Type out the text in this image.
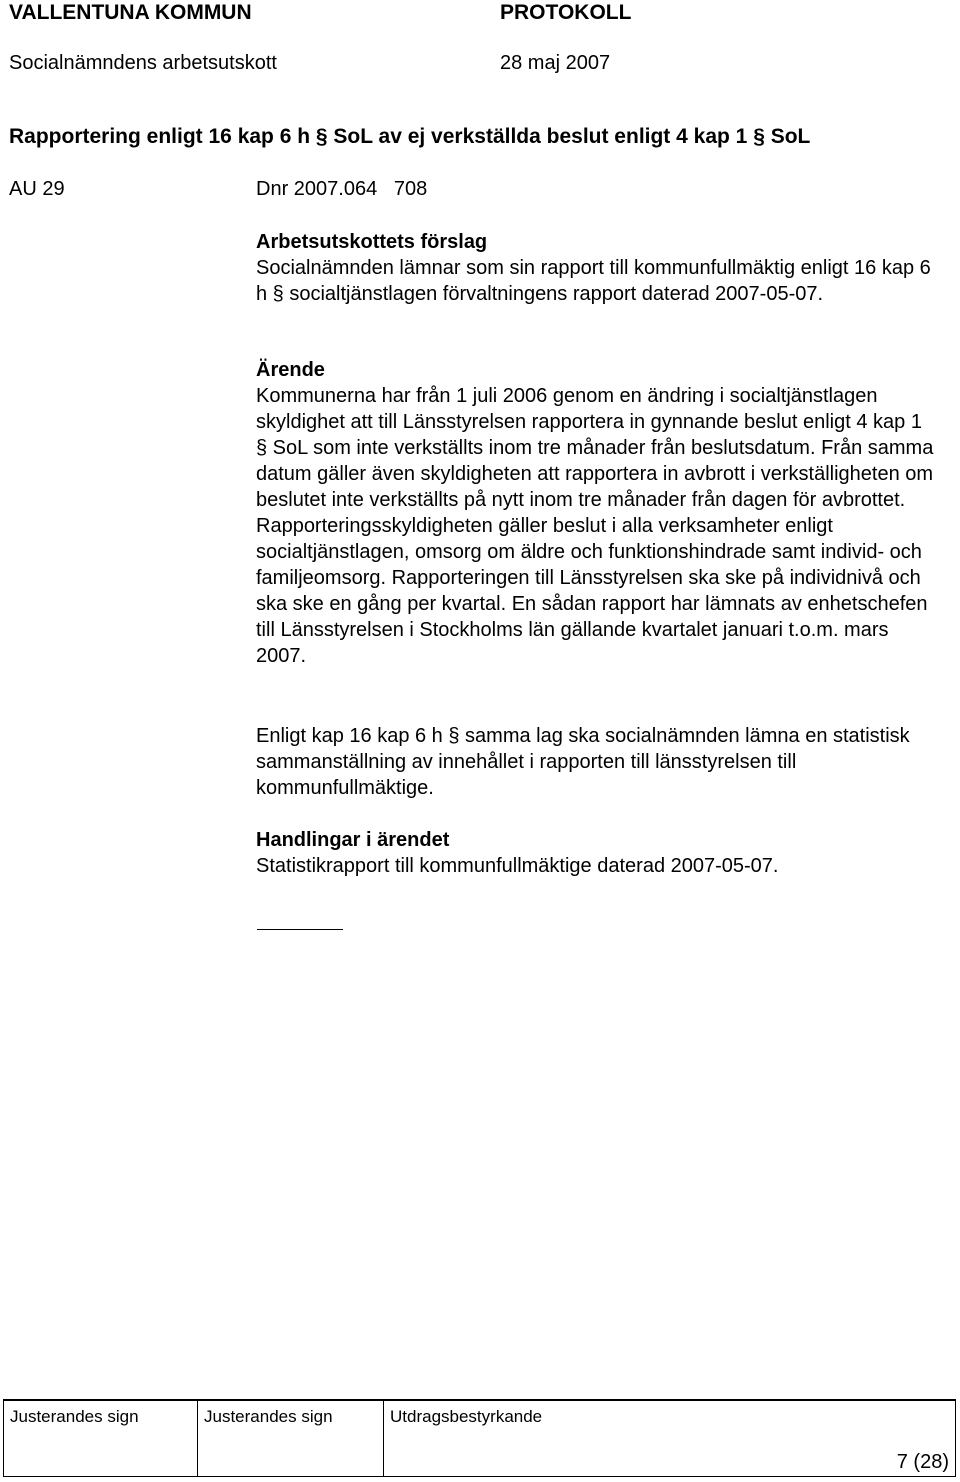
VALLENTUNA KOMMUN	PROTOKOLL
Socialnämndens arbetsutskott	28 maj 2007
Rapportering enligt 16 kap 6 h § SoL av ej verkställda beslut enligt 4 kap 1 § SoL
AU 29	Dnr 2007.064   708
Arbetsutskottets förslag
Socialnämnden lämnar som sin rapport till kommunfullmäktig enligt 16 kap 6 h § socialtjänstlagen förvaltningens rapport daterad 2007-05-07.
Ärende
Kommunerna har från 1 juli 2006 genom en ändring i socialtjänstlagen skyldighet att till Länsstyrelsen rapportera in gynnande beslut enligt 4 kap 1 § SoL som inte verkställts inom tre månader från beslutsdatum. Från samma datum gäller även skyldigheten att rapportera in avbrott i verkställigheten om beslutet inte verkställts på nytt inom tre månader från dagen för avbrottet. Rapporteringsskyldigheten gäller beslut i alla verksamheter enligt socialtjänstlagen, omsorg om äldre och funktionshindrade samt individ- och familjeomsorg. Rapporteringen till Länsstyrelsen ska ske på individnivå och ska ske en gång per kvartal. En sådan rapport har lämnats av enhetschefen till Länsstyrelsen i Stockholms län gällande kvartalet januari t.o.m. mars 2007.
Enligt kap 16 kap 6 h § samma lag ska socialnämnden lämna en statistisk sammanställning av innehållet i rapporten till länsstyrelsen till kommunfullmäktige.
Handlingar i ärendet
Statistikrapport till kommunfullmäktige daterad 2007-05-07.
Justerandes sign	Justerandes sign	Utdragsbestyrkande
7 (28)
